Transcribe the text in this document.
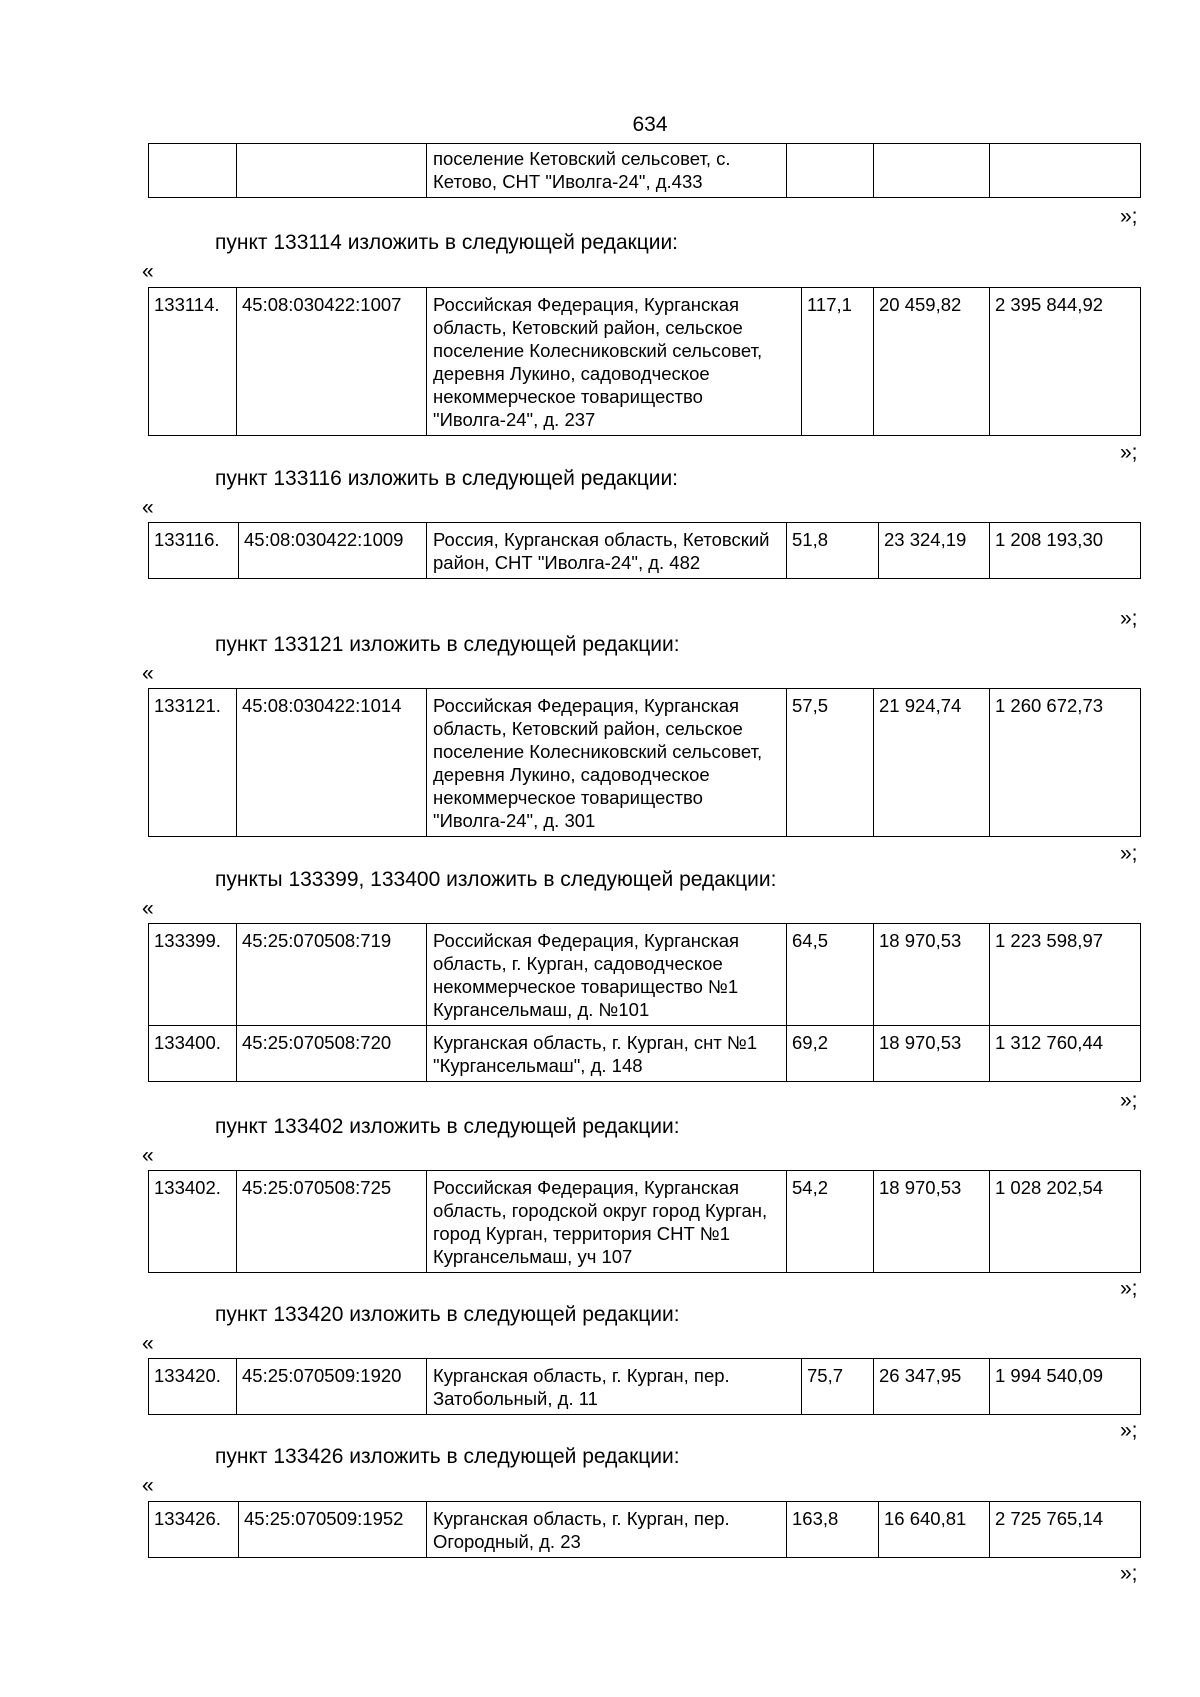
634
		поселение Кетовский сельсовет, с. Кетово, СНТ "Иволга-24", д.433			
»;
пункт 133114 изложить в следующей редакции:
«
133114.	45:08:030422:1007	Российская Федерация, Курганская область, Кетовский район, сельское поселение Колесниковский сельсовет, деревня Лукино, садоводческое некоммерческое товарищество "Иволга-24", д. 237	117,1	20 459,82	2 395 844,92
»;
пункт 133116 изложить в следующей редакции:
«
133116.	45:08:030422:1009	Россия, Курганская область, Кетовский район, СНТ "Иволга-24", д. 482	51,8	23 324,19	1 208 193,30
»;
пункт 133121 изложить в следующей редакции:
«
133121.	45:08:030422:1014	Российская Федерация, Курганская область, Кетовский район, сельское поселение Колесниковский сельсовет, деревня Лукино, садоводческое некоммерческое товарищество "Иволга-24", д. 301	57,5	21 924,74	1 260 672,73
»;
пункты 133399, 133400 изложить в следующей редакции:
«
133399.	45:25:070508:719	Российская Федерация, Курганская область, г. Курган, садоводческое некоммерческое товарищество №1 Кургансельмаш, д. №101	64,5	18 970,53	1 223 598,97
133400.	45:25:070508:720	Курганская область, г. Курган, снт №1 "Кургансельмаш", д. 148	69,2	18 970,53	1 312 760,44
»;
пункт 133402 изложить в следующей редакции:
«
133402.	45:25:070508:725	Российская Федерация, Курганская область, городской округ город Курган, город Курган, территория СНТ №1 Кургансельмаш, уч 107	54,2	18 970,53	1 028 202,54
»;
пункт 133420 изложить в следующей редакции:
«
133420.	45:25:070509:1920	Курганская область, г. Курган, пер. Затобольный, д. 11	75,7	26 347,95	1 994 540,09
»;
пункт 133426 изложить в следующей редакции:
«
133426.	45:25:070509:1952	Курганская область, г. Курган, пер. Огородный, д. 23	163,8	16 640,81	2 725 765,14
»;
